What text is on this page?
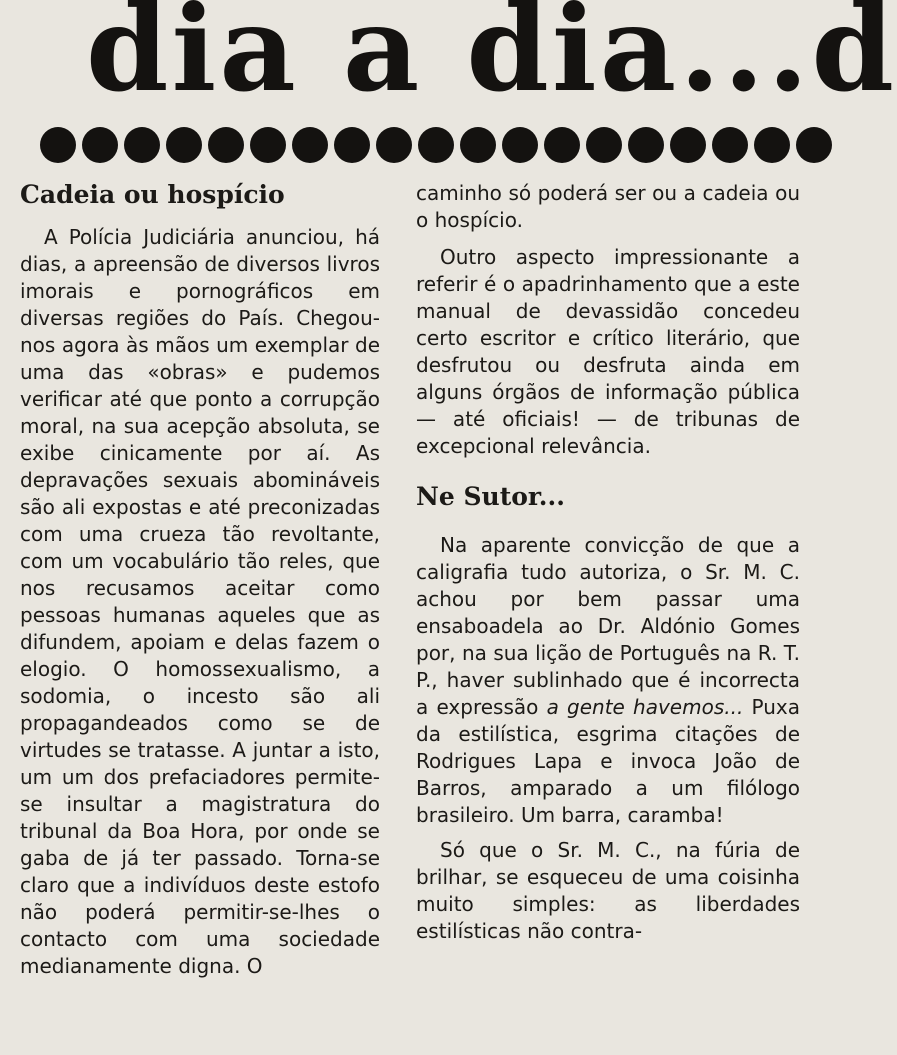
dia a dia...d
Cadeia ou hospício

A Polícia Judiciária anunciou, há dias, a apreensão de diversos livros imorais e pornográficos em diversas regiões do País. Chegou-nos agora às mãos um exemplar de uma das «obras» e pudemos verificar até que ponto a corrupção moral, na sua acepção absoluta, se exibe cinicamente por aí. As depravações sexuais abomináveis são ali expostas e até preconizadas com uma crueza tão revoltante, com um vocabulário tão reles, que nos recusamos aceitar como pessoas humanas aqueles que as difundem, apoiam e delas fazem o elogio. O homossexualismo, a sodomia, o incesto são ali propagandeados como se de virtudes se tratasse. A juntar a isto, um um dos prefaciadores permite-se insultar a magistratura do tribunal da Boa Hora, por onde se gaba de já ter passado. Torna-se claro que a indivíduos deste estofo não poderá permitir-se-lhes o contacto com uma sociedade medianamente digna. O

caminho só poderá ser ou a cadeia ou o hospício.

Outro aspecto impressionante a referir é o apadrinhamento que a este manual de devassidão concedeu certo escritor e crítico literário, que desfrutou ou desfruta ainda em alguns órgãos de informação pública — até oficiais! — de tribunas de excepcional relevância.

Ne Sutor...

Na aparente convicção de que a caligrafia tudo autoriza, o Sr. M. C. achou por bem passar uma ensaboadela ao Dr. Aldónio Gomes por, na sua lição de Português na R. T. P., haver sublinhado que é incorrecta a expressão a gente havemos... Puxa da estilística, esgrima citações de Rodrigues Lapa e invoca João de Barros, amparado a um filólogo brasileiro. Um barra, caramba!

Só que o Sr. M. C., na fúria de brilhar, se esqueceu de uma coisinha muito simples: as liberdades estilísticas não contra-
